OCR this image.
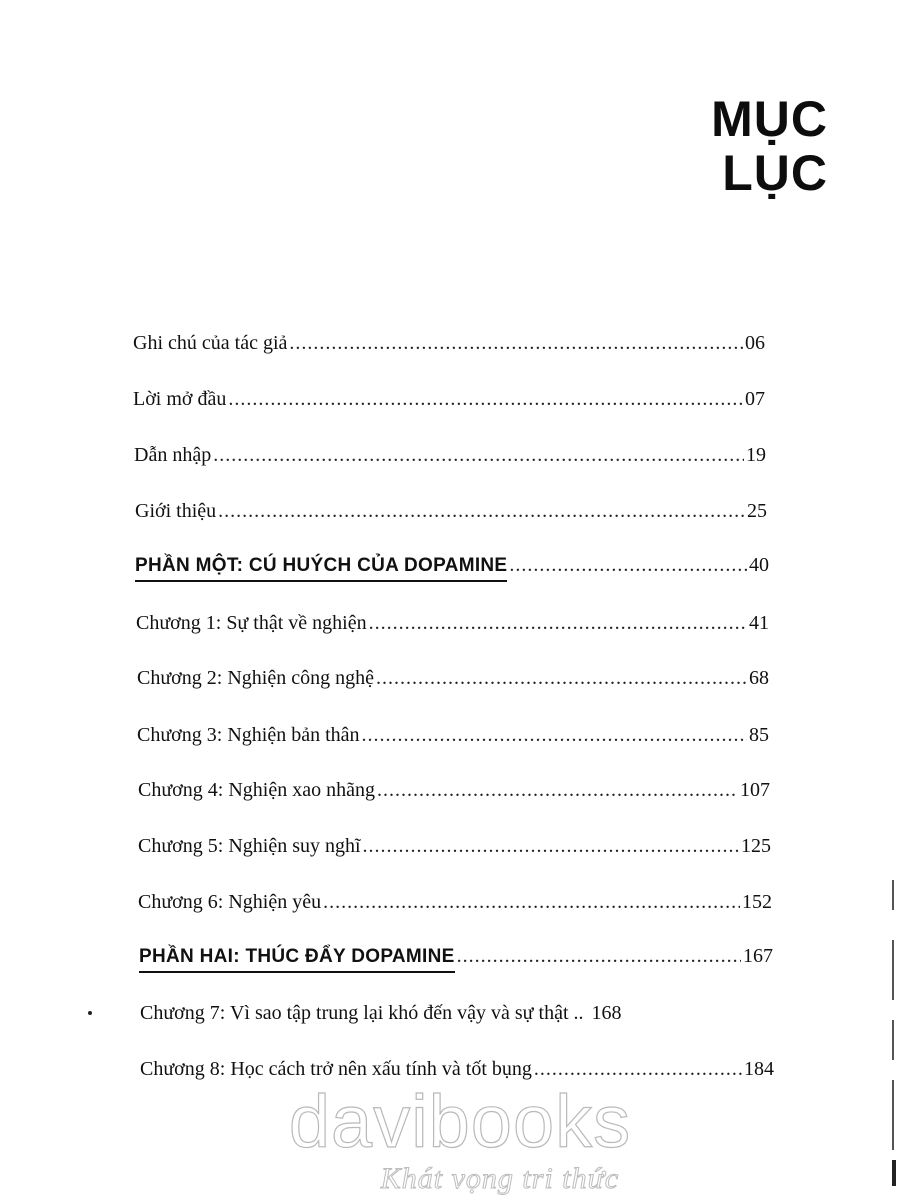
MỤC
LỤC
Ghi chú của tác giả .....	06
Lời mở đầu .....	07
Dẫn nhập .....	19
Giới thiệu .....	25
PHẦN MỘT: CÚ HUÝCH CỦA DOPAMINE .....	40
Chương 1: Sự thật về nghiện .....	41
Chương 2: Nghiện công nghệ .....	68
Chương 3: Nghiện bản thân .....	85
Chương 4: Nghiện xao nhãng .....	107
Chương 5: Nghiện suy nghĩ .....	125
Chương 6: Nghiện yêu .....	152
PHẦN HAI: THÚC ĐẨY DOPAMINE .....	167
Chương 7: Vì sao tập trung lại khó đến vậy và sự thật .. 168
Chương 8: Học cách trở nên xấu tính và tốt bụng .....	184
davibooks
Khát vọng tri thức
